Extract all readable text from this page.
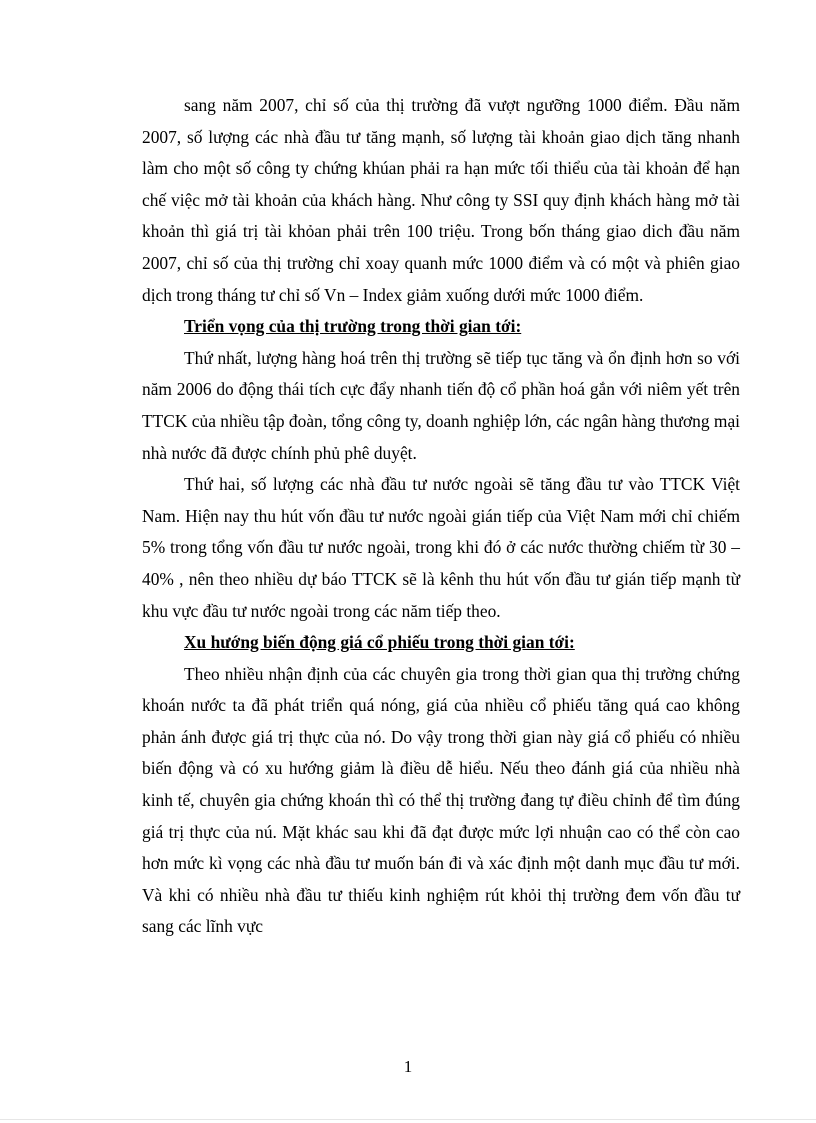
sang năm 2007, chỉ số của thị trường đã vượt ngưỡng 1000 điểm. Đầu năm 2007, số lượng các nhà đầu tư tăng mạnh, số lượng tài khoản giao dịch tăng nhanh làm cho một số công ty chứng khúan phải ra hạn mức tối thiểu của tài khoản để hạn chế việc mở tài khoản của khách hàng. Như công ty SSI quy định khách hàng mở tài khoản thì giá trị tài khỏan phải trên 100 triệu. Trong bốn tháng giao dich đầu năm 2007, chỉ số của thị trường chỉ xoay quanh mức 1000 điểm và có một và phiên giao dịch trong tháng tư chỉ số Vn – Index giảm xuống dưới mức 1000 điểm.

Triển vọng của thị trường trong thời gian tới:

Thứ nhất, lượng hàng hoá trên thị trường sẽ tiếp tục tăng và ổn định hơn so với năm 2006 do động thái tích cực đẩy nhanh tiến độ cổ phần hoá gắn với niêm yết trên TTCK của nhiều tập đoàn, tổng công ty, doanh nghiệp lớn, các ngân hàng thương mại nhà nước đã được chính phủ phê duyệt.

Thứ hai, số lượng các nhà đầu tư nước ngoài sẽ tăng đầu tư vào TTCK Việt Nam. Hiện nay thu hút vốn đầu tư nước ngoài gián tiếp của Việt Nam mới chỉ chiếm 5% trong tổng vốn đầu tư nước ngoài, trong khi đó ở các nước thường chiếm từ 30 – 40% , nên theo nhiều dự báo TTCK sẽ là kênh thu hút vốn đầu tư gián tiếp mạnh từ khu vực đầu tư nước ngoài trong các năm tiếp theo.

Xu hướng biến động giá cổ phiếu trong thời gian tới:

Theo nhiều nhận định của các chuyên gia trong thời gian qua thị trường chứng khoán nước ta đã phát triển quá nóng, giá của nhiều cổ phiếu tăng quá cao không phản ánh được giá trị thực của nó. Do vậy trong thời gian này giá cổ phiếu có nhiều biến động và có xu hướng giảm là điều dễ hiểu. Nếu theo đánh giá của nhiều nhà kinh tế, chuyên gia chứng khoán thì có thể thị trường đang tự điều chỉnh để tìm đúng giá trị thực của nú. Mặt khác sau khi đã đạt được mức lợi nhuận cao có thể còn cao hơn mức kì vọng các nhà đầu tư muốn bán đi và xác định một danh mục đầu tư mới. Và khi có nhiều nhà đầu tư thiếu kinh nghiệm rút khỏi thị trường đem vốn đầu tư sang các lĩnh vực

1
